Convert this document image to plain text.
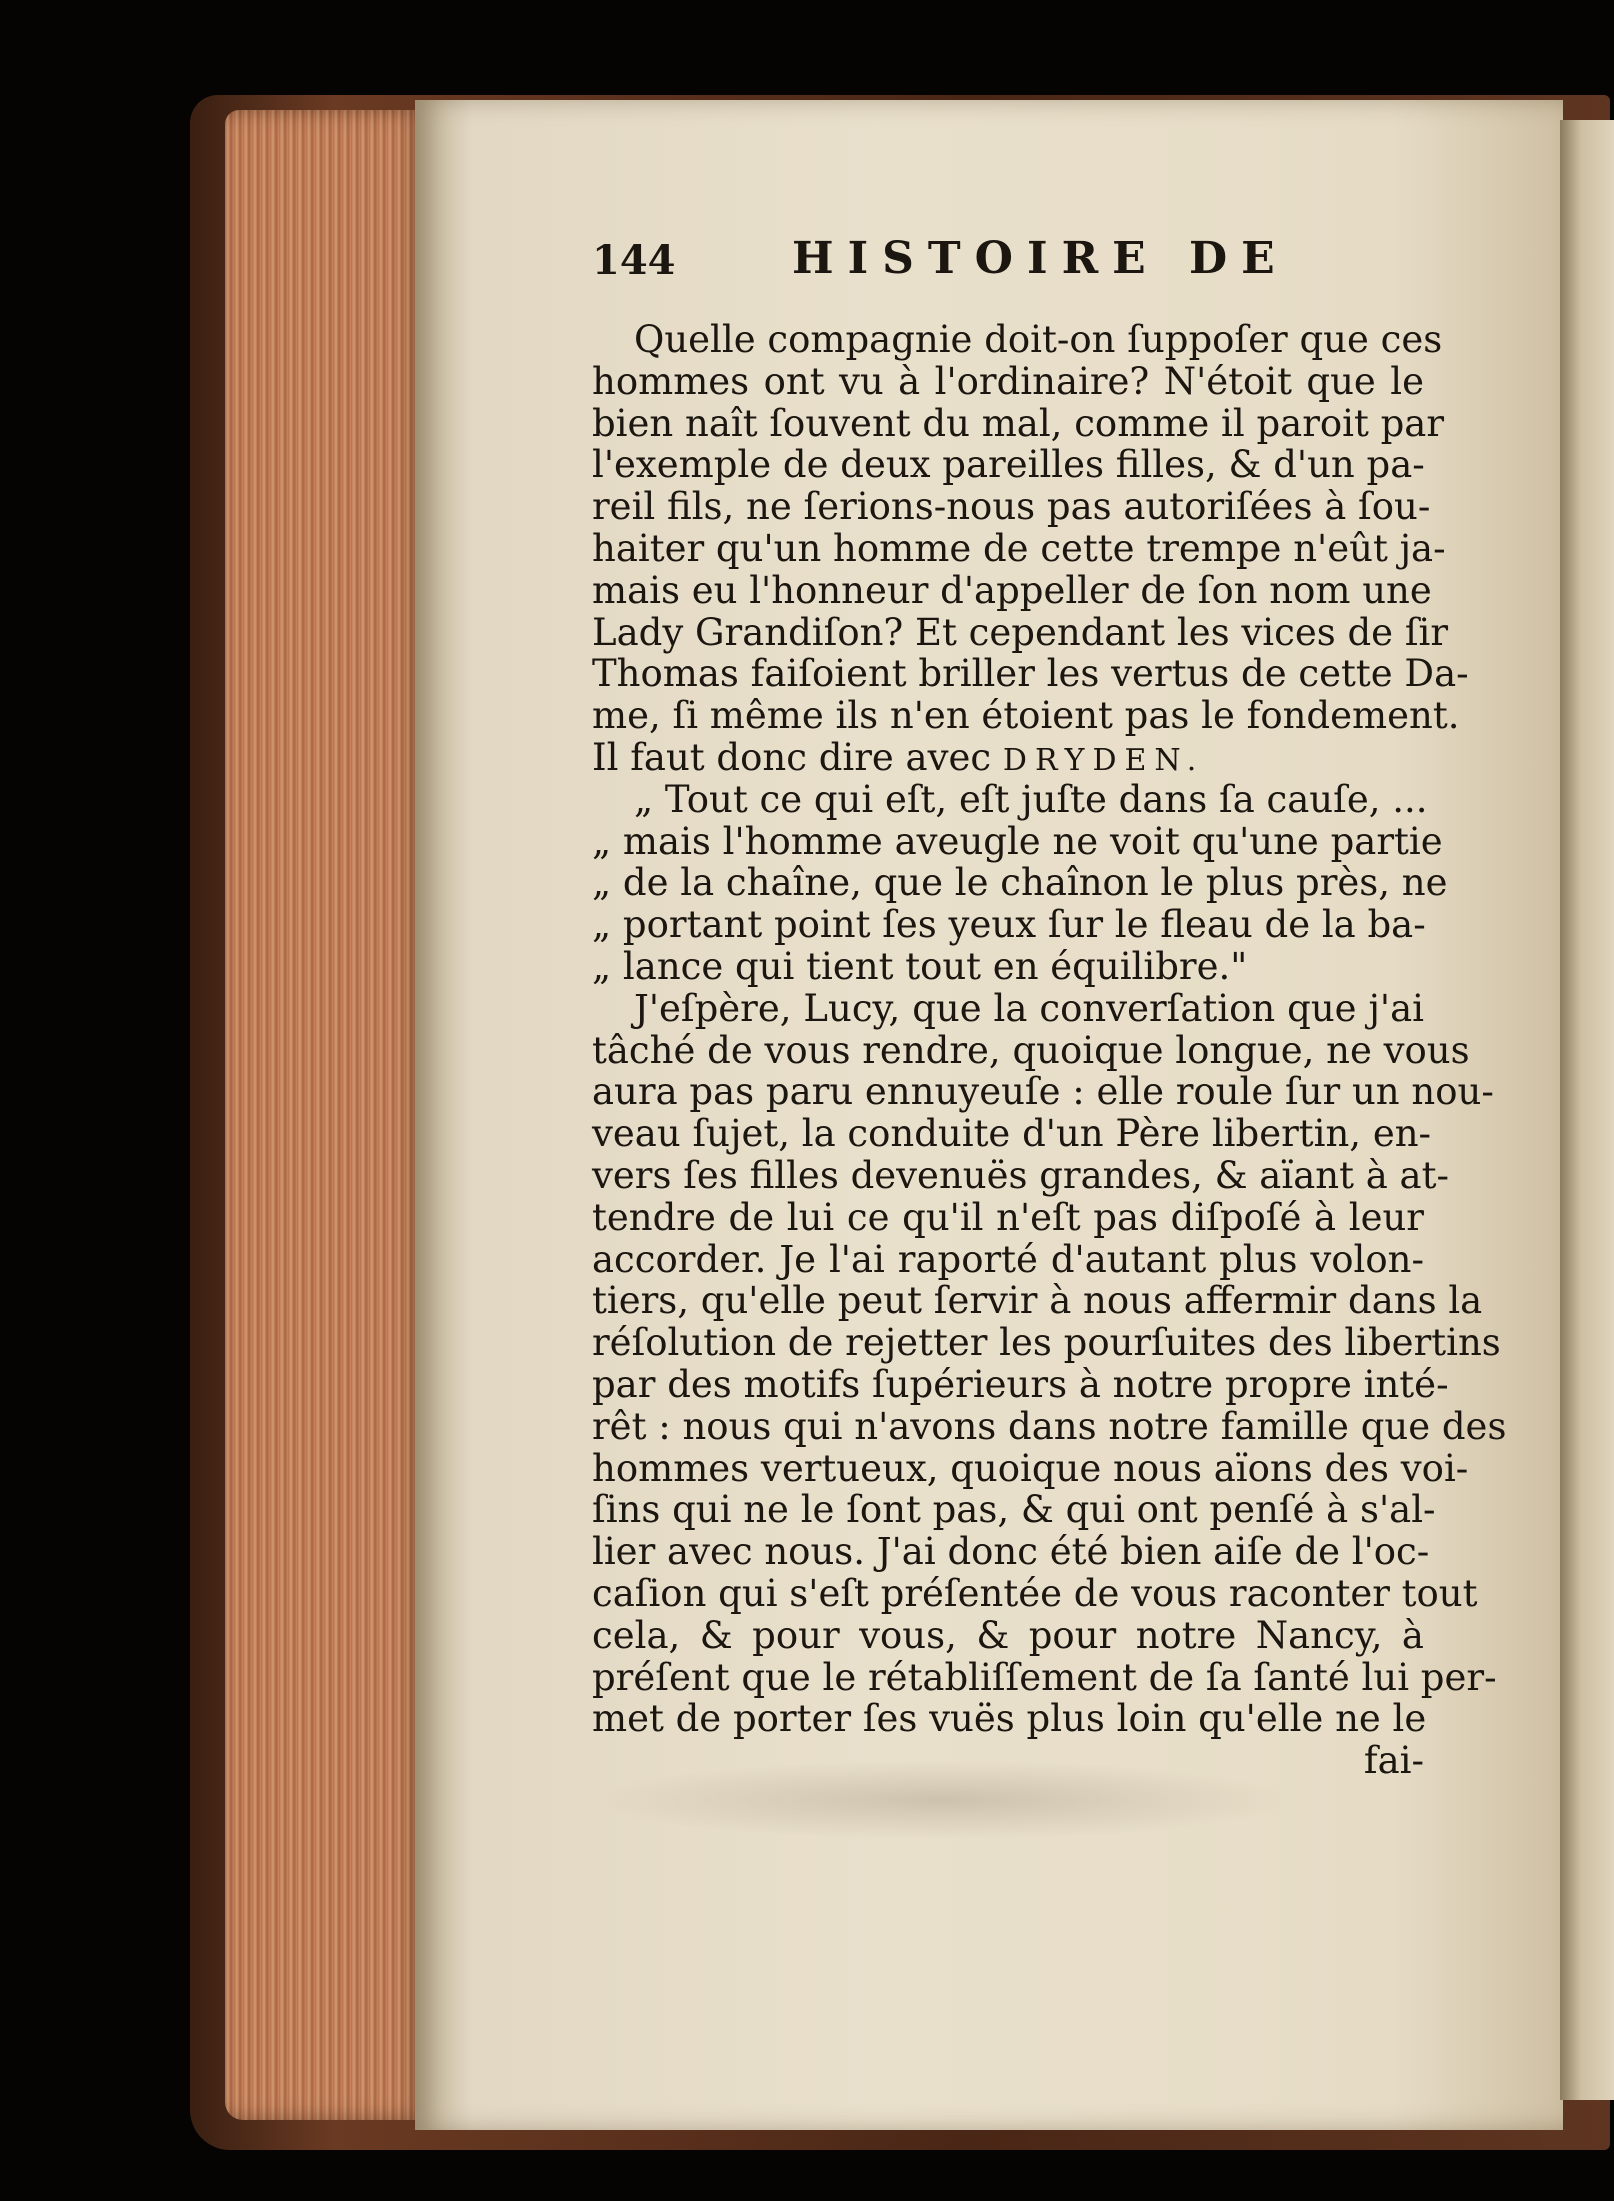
144	HISTOIRE DE
Quelle compagnie doit-on ſuppoſer que ces
hommes ont vu à l'ordinaire? N'étoit que le
bien naît ſouvent du mal, comme il paroit par
l'exemple de deux pareilles filles, & d'un pa-
reil fils, ne ſerions-nous pas autoriſées à ſou-
haiter qu'un homme de cette trempe n'eût ja-
mais eu l'honneur d'appeller de ſon nom une
Lady Grandiſon? Et cependant les vices de ſir
Thomas faiſoient briller les vertus de cette Da-
me, ſi même ils n'en étoient pas le fondement.
Il faut donc dire avec DRYDEN.
„ Tout ce qui eſt, eſt juſte dans ſa cauſe, ...
„ mais l'homme aveugle ne voit qu'une partie
„ de la chaîne, que le chaînon le plus près, ne
„ portant point ſes yeux ſur le fleau de la ba-
„ lance qui tient tout en équilibre."
J'eſpère, Lucy, que la converſation que j'ai
tâché de vous rendre, quoique longue, ne vous
aura pas paru ennuyeuſe : elle roule ſur un nou-
veau ſujet, la conduite d'un Père libertin, en-
vers ſes filles devenuës grandes, & aïant à at-
tendre de lui ce qu'il n'eſt pas diſpoſé à leur
accorder. Je l'ai raporté d'autant plus volon-
tiers, qu'elle peut ſervir à nous affermir dans la
réſolution de rejetter les pourſuites des libertins
par des motifs ſupérieurs à notre propre inté-
rêt : nous qui n'avons dans notre famille que des
hommes vertueux, quoique nous aïons des voi-
ſins qui ne le ſont pas, & qui ont penſé à s'al-
lier avec nous. J'ai donc été bien aiſe de l'oc-
caſion qui s'eſt préſentée de vous raconter tout
cela, & pour vous, & pour notre Nancy, à
préſent que le rétabliſſement de ſa ſanté lui per-
met de porter ſes vuës plus loin qu'elle ne le
fai-
